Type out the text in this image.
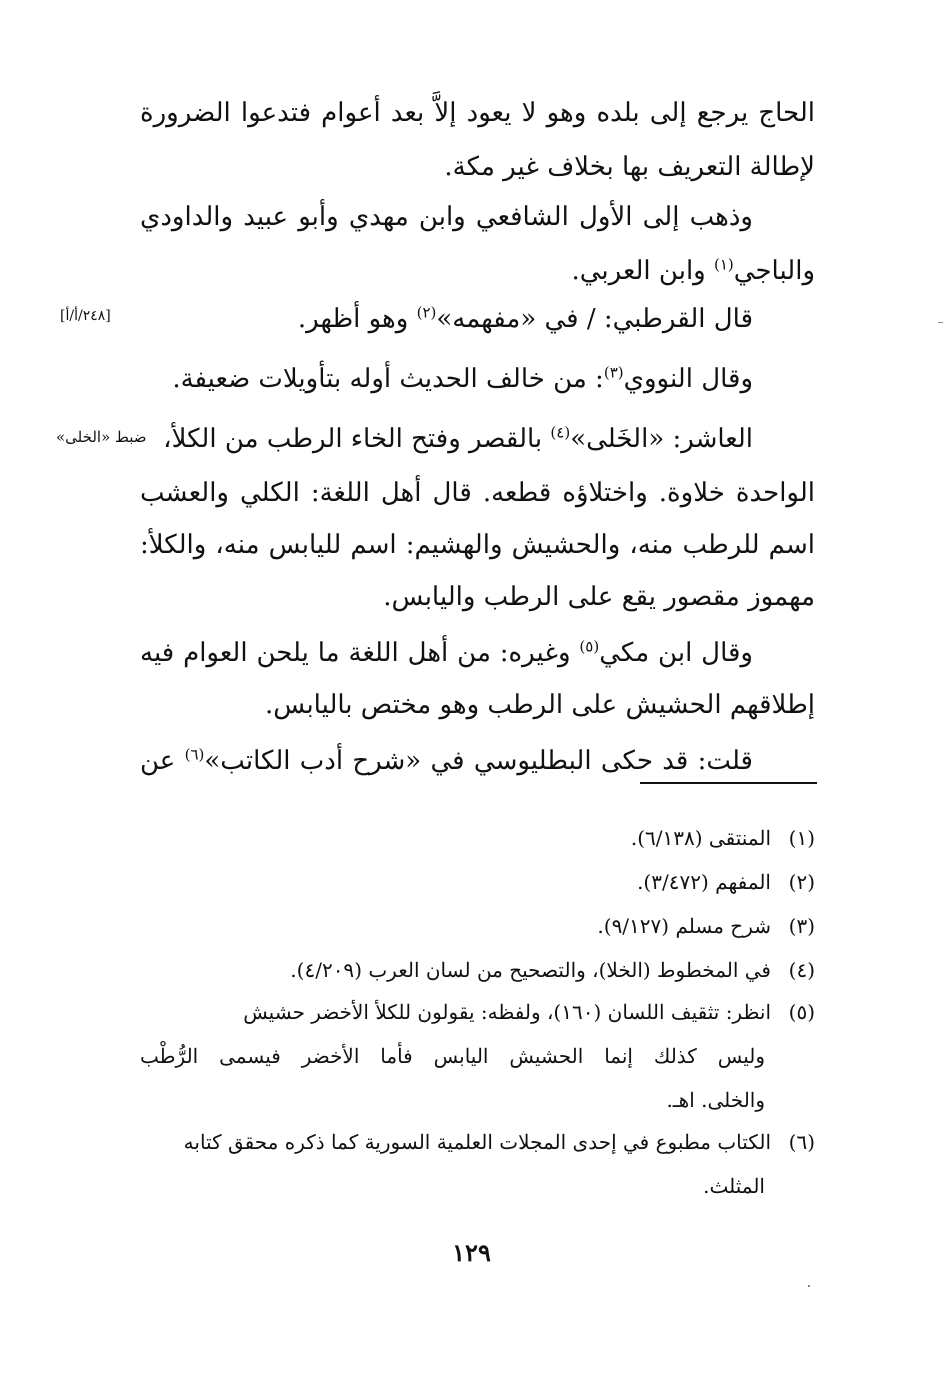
الحاج يرجع إلى بلده وهو لا يعود إلاَّ بعد أعوام فتدعوا الضرورة
لإطالة التعريف بها بخلاف غير مكة.
وذهب إلى الأول الشافعي وابن مهدي وأبو عبيد والداودي
والباجي$^{(١)}$ وابن العربي.
قال القرطبي: / في «مفهمه»$^{(٢)}$ وهو أظهر.
[٢٤٨/أ/أ]
وقال النووي$^{(٣)}$: من خالف الحديث أوله بتأويلات ضعيفة.
العاشر: «الخَلى»$^{(٤)}$ بالقصر وفتح الخاء الرطب من الكلأ،
ضبط «الخلى»
الواحدة خلاوة. واختلاؤه قطعه. قال أهل اللغة: الكلي والعشب
اسم للرطب منه، والحشيش والهشيم: اسم لليابس منه، والكلأ:
مهموز مقصور يقع على الرطب واليابس.
وقال ابن مكي$^{(٥)}$ وغيره: من أهل اللغة ما يلحن العوام فيه
إطلاقهم الحشيش على الرطب وهو مختص باليابس.
قلت: قد حكى البطليوسي في «شرح أدب الكاتب»$^{(٦)}$ عن
(١)المنتقى (٦/١٣٨).
(٢)المفهم (٣/٤٧٢).
(٣)شرح مسلم (٩/١٢٧).
(٤)في المخطوط (الخلا)، والتصحيح من لسان العرب (٤/٢٠٩).
(٥)انظر: تثقيف اللسان (١٦٠)، ولفظه: يقولون للكلأ الأخضر حشيش
وليس كذلك إنما الحشيش اليابس فأما الأخضر فيسمى الرُّطْب
والخلى. اهـ.
(٦)الكتاب مطبوع في إحدى المجلات العلمية السورية كما ذكره محقق كتابه
المثلث.
١٢٩
